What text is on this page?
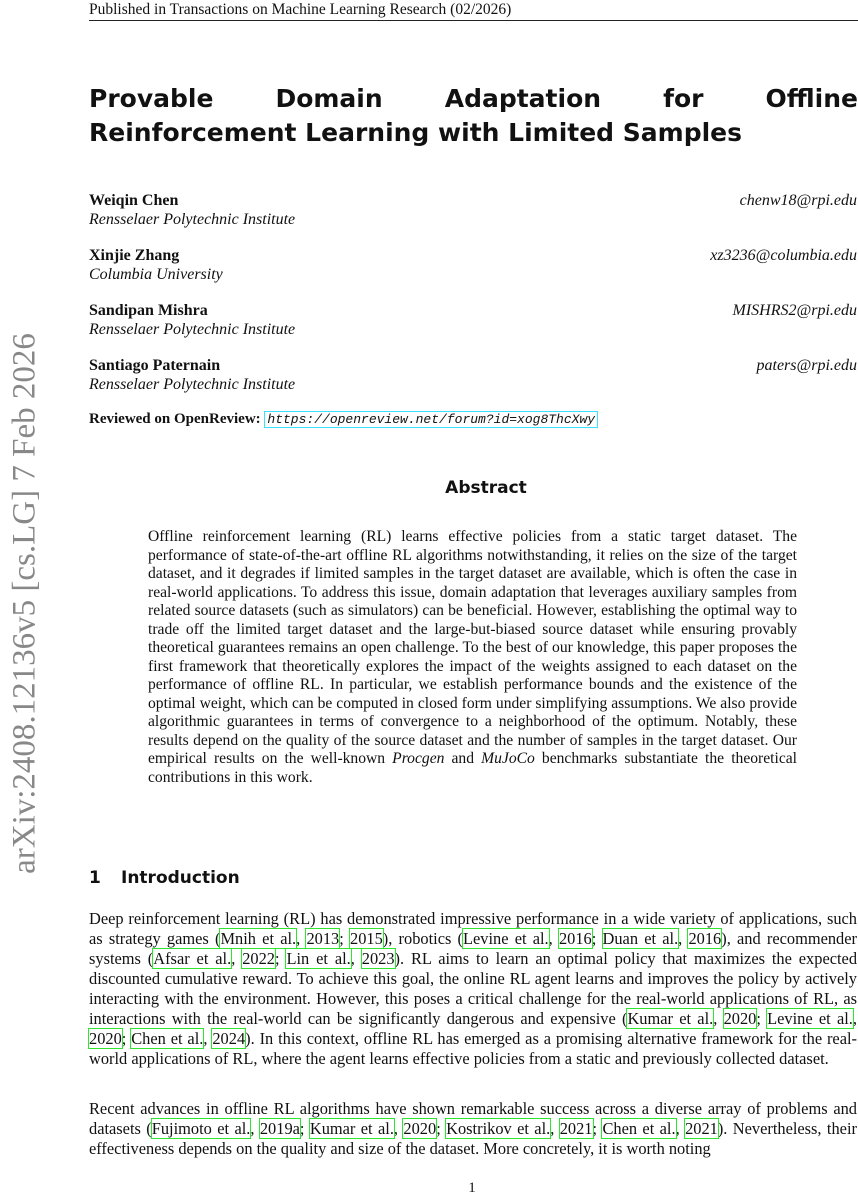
Published in Transactions on Machine Learning Research (02/2026)
arXiv:2408.12136v5 [cs.LG] 7 Feb 2026
Provable Domain Adaptation for Offline Reinforcement Learning with Limited Samples
Weiqin Chen
Rensselaer Polytechnic Institute
chenw18@rpi.edu
Xinjie Zhang
Columbia University
xz3236@columbia.edu
Sandipan Mishra
Rensselaer Polytechnic Institute
MISHRS2@rpi.edu
Santiago Paternain
Rensselaer Polytechnic Institute
paters@rpi.edu
Reviewed on OpenReview: https://openreview.net/forum?id=xog8ThcXwy
Abstract
Offline reinforcement learning (RL) learns effective policies from a static target dataset. The performance of state-of-the-art offline RL algorithms notwithstanding, it relies on the size of the target dataset, and it degrades if limited samples in the target dataset are available, which is often the case in real-world applications. To address this issue, domain adaptation that leverages auxiliary samples from related source datasets (such as simulators) can be beneficial. However, establishing the optimal way to trade off the limited target dataset and the large-but-biased source dataset while ensuring provably theoretical guarantees remains an open challenge. To the best of our knowledge, this paper proposes the first framework that theoretically explores the impact of the weights assigned to each dataset on the performance of offline RL. In particular, we establish performance bounds and the existence of the optimal weight, which can be computed in closed form under simplifying assumptions. We also provide algorithmic guarantees in terms of convergence to a neighborhood of the optimum. Notably, these results depend on the quality of the source dataset and the number of samples in the target dataset. Our empirical results on the well-known Procgen and MuJoCo benchmarks substantiate the theoretical contributions in this work.
1 Introduction
Deep reinforcement learning (RL) has demonstrated impressive performance in a wide variety of applications, such as strategy games (Mnih et al., 2013; 2015), robotics (Levine et al., 2016; Duan et al., 2016), and recommender systems (Afsar et al., 2022; Lin et al., 2023). RL aims to learn an optimal policy that maximizes the expected discounted cumulative reward. To achieve this goal, the online RL agent learns and improves the policy by actively interacting with the environment. However, this poses a critical challenge for the real-world applications of RL, as interactions with the real-world can be significantly dangerous and expensive (Kumar et al., 2020; Levine et al., 2020; Chen et al., 2024). In this context, offline RL has emerged as a promising alternative framework for the real-world applications of RL, where the agent learns effective policies from a static and previously collected dataset.
Recent advances in offline RL algorithms have shown remarkable success across a diverse array of problems and datasets (Fujimoto et al., 2019a; Kumar et al., 2020; Kostrikov et al., 2021; Chen et al., 2021). Nevertheless, their effectiveness depends on the quality and size of the dataset. More concretely, it is worth noting
1
